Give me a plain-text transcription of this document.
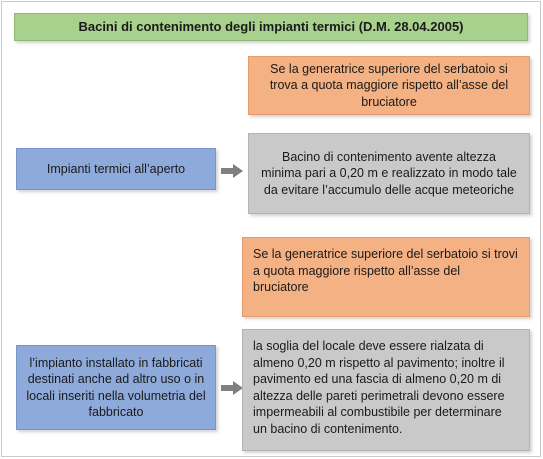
Bacini di contenimento degli impianti termici (D.M. 28.04.2005)
Se la generatrice superiore del serbatoio si trova a quota maggiore rispetto all’asse del bruciatore
Impianti termici all’aperto
Bacino di contenimento avente altezza minima pari a 0,20 m e realizzato in modo tale da evitare l’accumulo delle acque meteoriche
Se la generatrice superiore del serbatoio si trovi a quota maggiore rispetto all’asse del bruciatore
l’impianto installato in fabbricati destinati anche ad altro uso o in locali inseriti nella volumetria del fabbricato
la soglia del locale deve essere rialzata di almeno 0,20 m rispetto al pavimento; inoltre il pavimento ed una fascia di almeno 0,20 m di altezza delle pareti perimetrali devono essere impermeabili al combustibile per determinare un bacino di contenimento.
